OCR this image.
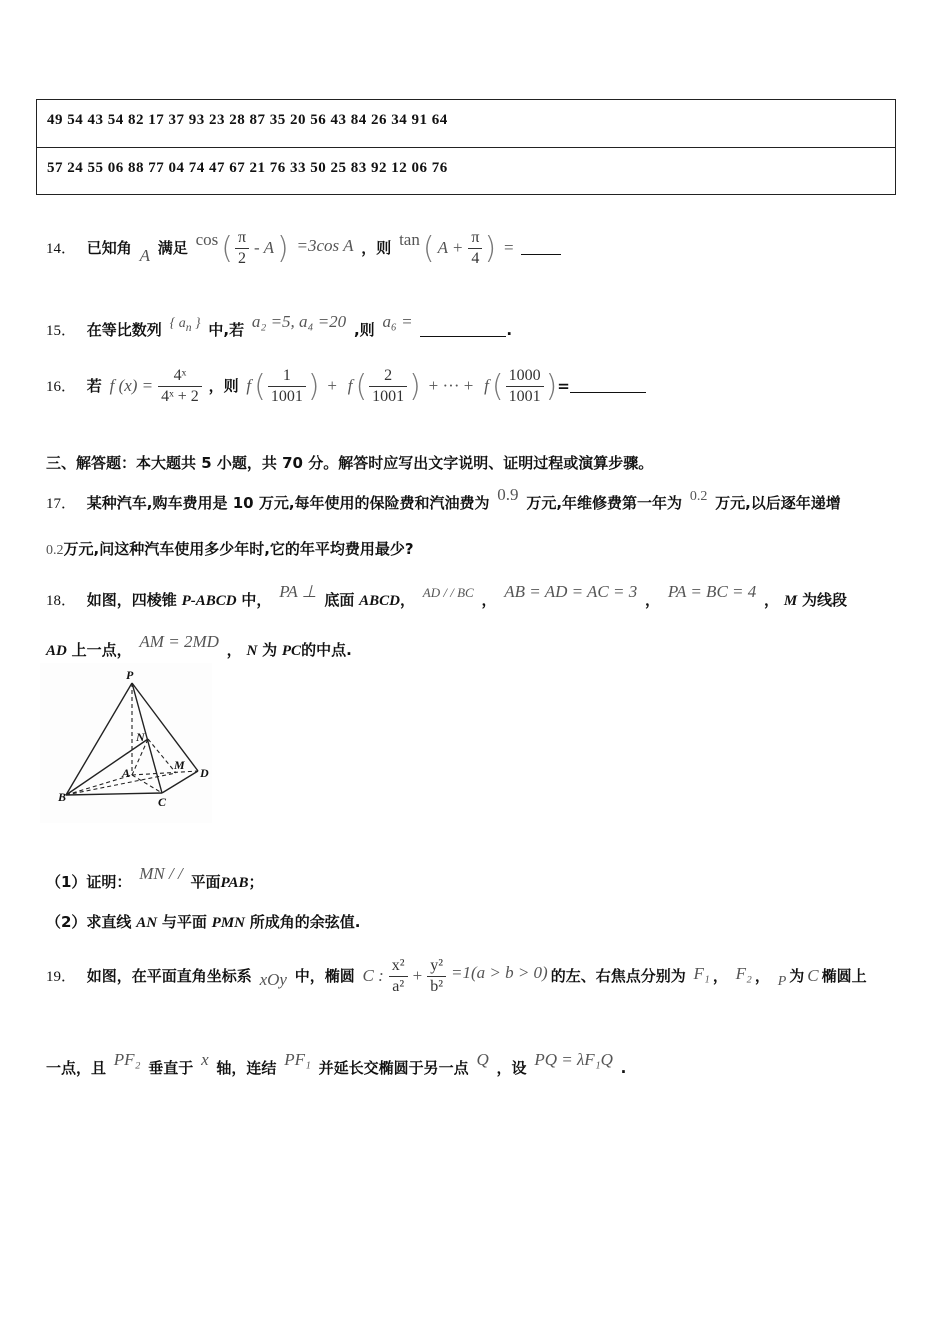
49 54 43 54 82 17 37 93 23 28 87 35 20 56 43 84 26 34 91 64
57 24 55 06 88 77 04 74 47 67 21 76 33 50 25 83 92 12 06 76
14． 已知角 A 满足 cos ( $\frac{\pi}{2}$ - A ) =3cos A ，则 tan ( $A + \frac{\pi}{4}$ ) =
15． 在等比数列 { $a_n$ } 中,若 a₂ =5, a₄ =20 ,则 a₆ =	.
16． 若 f $(x) = \frac{\text{4ˣ}}{\text{4ˣ + 2}}$ ，则 f ( $\frac{1}{1001}$ ) + f ( $\frac{2}{1001}$ ) + ··· + f ( $\frac{1000}{1001}$ )=
三、解答题：本大题共 5 小题，共 70 分。解答时应写出文字说明、证明过程或演算步骤。
17． 某种汽车,购车费用是 10 万元,每年使用的保险费和汽油费为 0.9 万元,年维修费第一年为 0.2 万元,以后逐年递增
0.2万元,问这种汽车使用多少年时,它的年平均费用最少?
18． 如图，四棱锥 P-ABCD 中， PA ⊥ 底面 ABCD， AD / / BC ， AB = AD = AC = 3 ， PA = BC = 4 ， M 为线段
AD 上一点， AM = 2MD ， N 为 PC的中点.
P
N
A
M
D
B	C
（1）证明： MN / / 平面PAB；
（2）求直线 AN 与平面 PMN 所成角的余弦值.
19． 如图，在平面直角坐标系 xOy 中，椭圆 C : $\frac{\text{x²}}{\text{a²}} + \frac{\text{y²}}{\text{b²}} =1(a > b > 0)$ 的左、右焦点分别为 F₁ ， F₂ ， P 为 C 椭圆上
一点，且 PF₂ 垂直于 x 轴，连结 PF₁ 并延长交椭圆于另一点 Q ，设 PQ = λF₁Q .
